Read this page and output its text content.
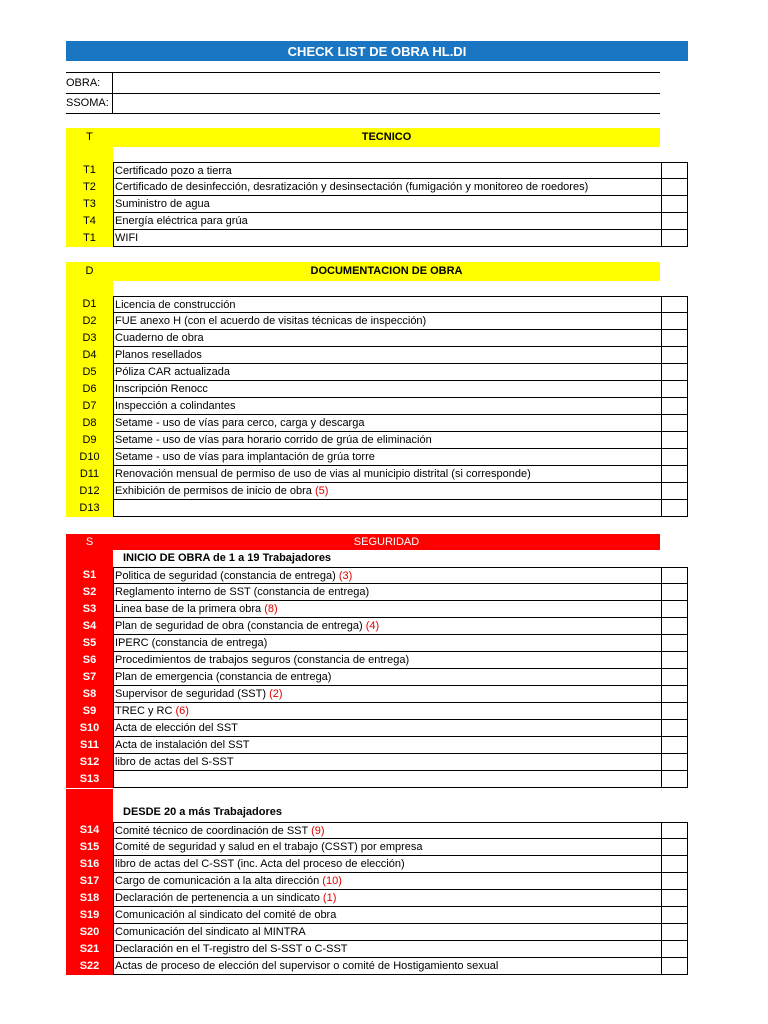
CHECK LIST DE OBRA HL.DI
OBRA:
SSOMA:
T	TECNICO
T1	Certificado pozo a tierra
T2	Certificado de desinfección, desratización y desinsectación (fumigación y monitoreo de roedores)
T3	Suministro de agua
T4	Energía eléctrica para grúa
T1	WIFI
D	DOCUMENTACION DE OBRA
D1	Licencia de construcción
D2	FUE anexo H (con el acuerdo de visitas técnicas de inspección)
D3	Cuaderno de obra
D4	Planos resellados
D5	Póliza CAR actualizada
D6	Inscripción Renocc
D7	Inspección a colindantes
D8	Setame - uso de vías para cerco, carga y descarga
D9	Setame - uso de vías para horario corrido de grúa de eliminación
D10	Setame - uso de vías para implantación de grúa torre
D11	Renovación mensual de permiso de uso de vias al municipio distrital (si corresponde)
D12	Exhibición de permisos de inicio de obra (5)
D13
S	SEGURIDAD
INICIO DE OBRA de 1 a 19 Trabajadores
S1	Politica de seguridad (constancia de entrega) (3)
S2	Reglamento interno de SST (constancia de entrega)
S3	Linea base de la primera obra (8)
S4	Plan de seguridad de obra (constancia de entrega) (4)
S5	IPERC (constancia de entrega)
S6	Procedimientos de trabajos seguros (constancia de entrega)
S7	Plan de emergencia (constancia de entrega)
S8	Supervisor de seguridad (SST) (2)
S9	TREC y RC (6)
S10	Acta de elección del SST
S11	Acta de instalación del SST
S12	libro de actas del S-SST
S13
DESDE 20 a más Trabajadores
S14	Comité técnico de coordinación de SST (9)
S15	Comité de seguridad y salud en el trabajo (CSST) por empresa
S16	libro de actas del C-SST (inc. Acta del proceso de elección)
S17	Cargo de comunicación a la alta dirección (10)
S18	Declaración de pertenencia a un sindicato (1)
S19	Comunicación al sindicato del comité de obra
S20	Comunicación del sindicato al MINTRA
S21	Declaración en el T-registro del S-SST o C-SST
S22	Actas de proceso de elección del supervisor o comité de Hostigamiento sexual
